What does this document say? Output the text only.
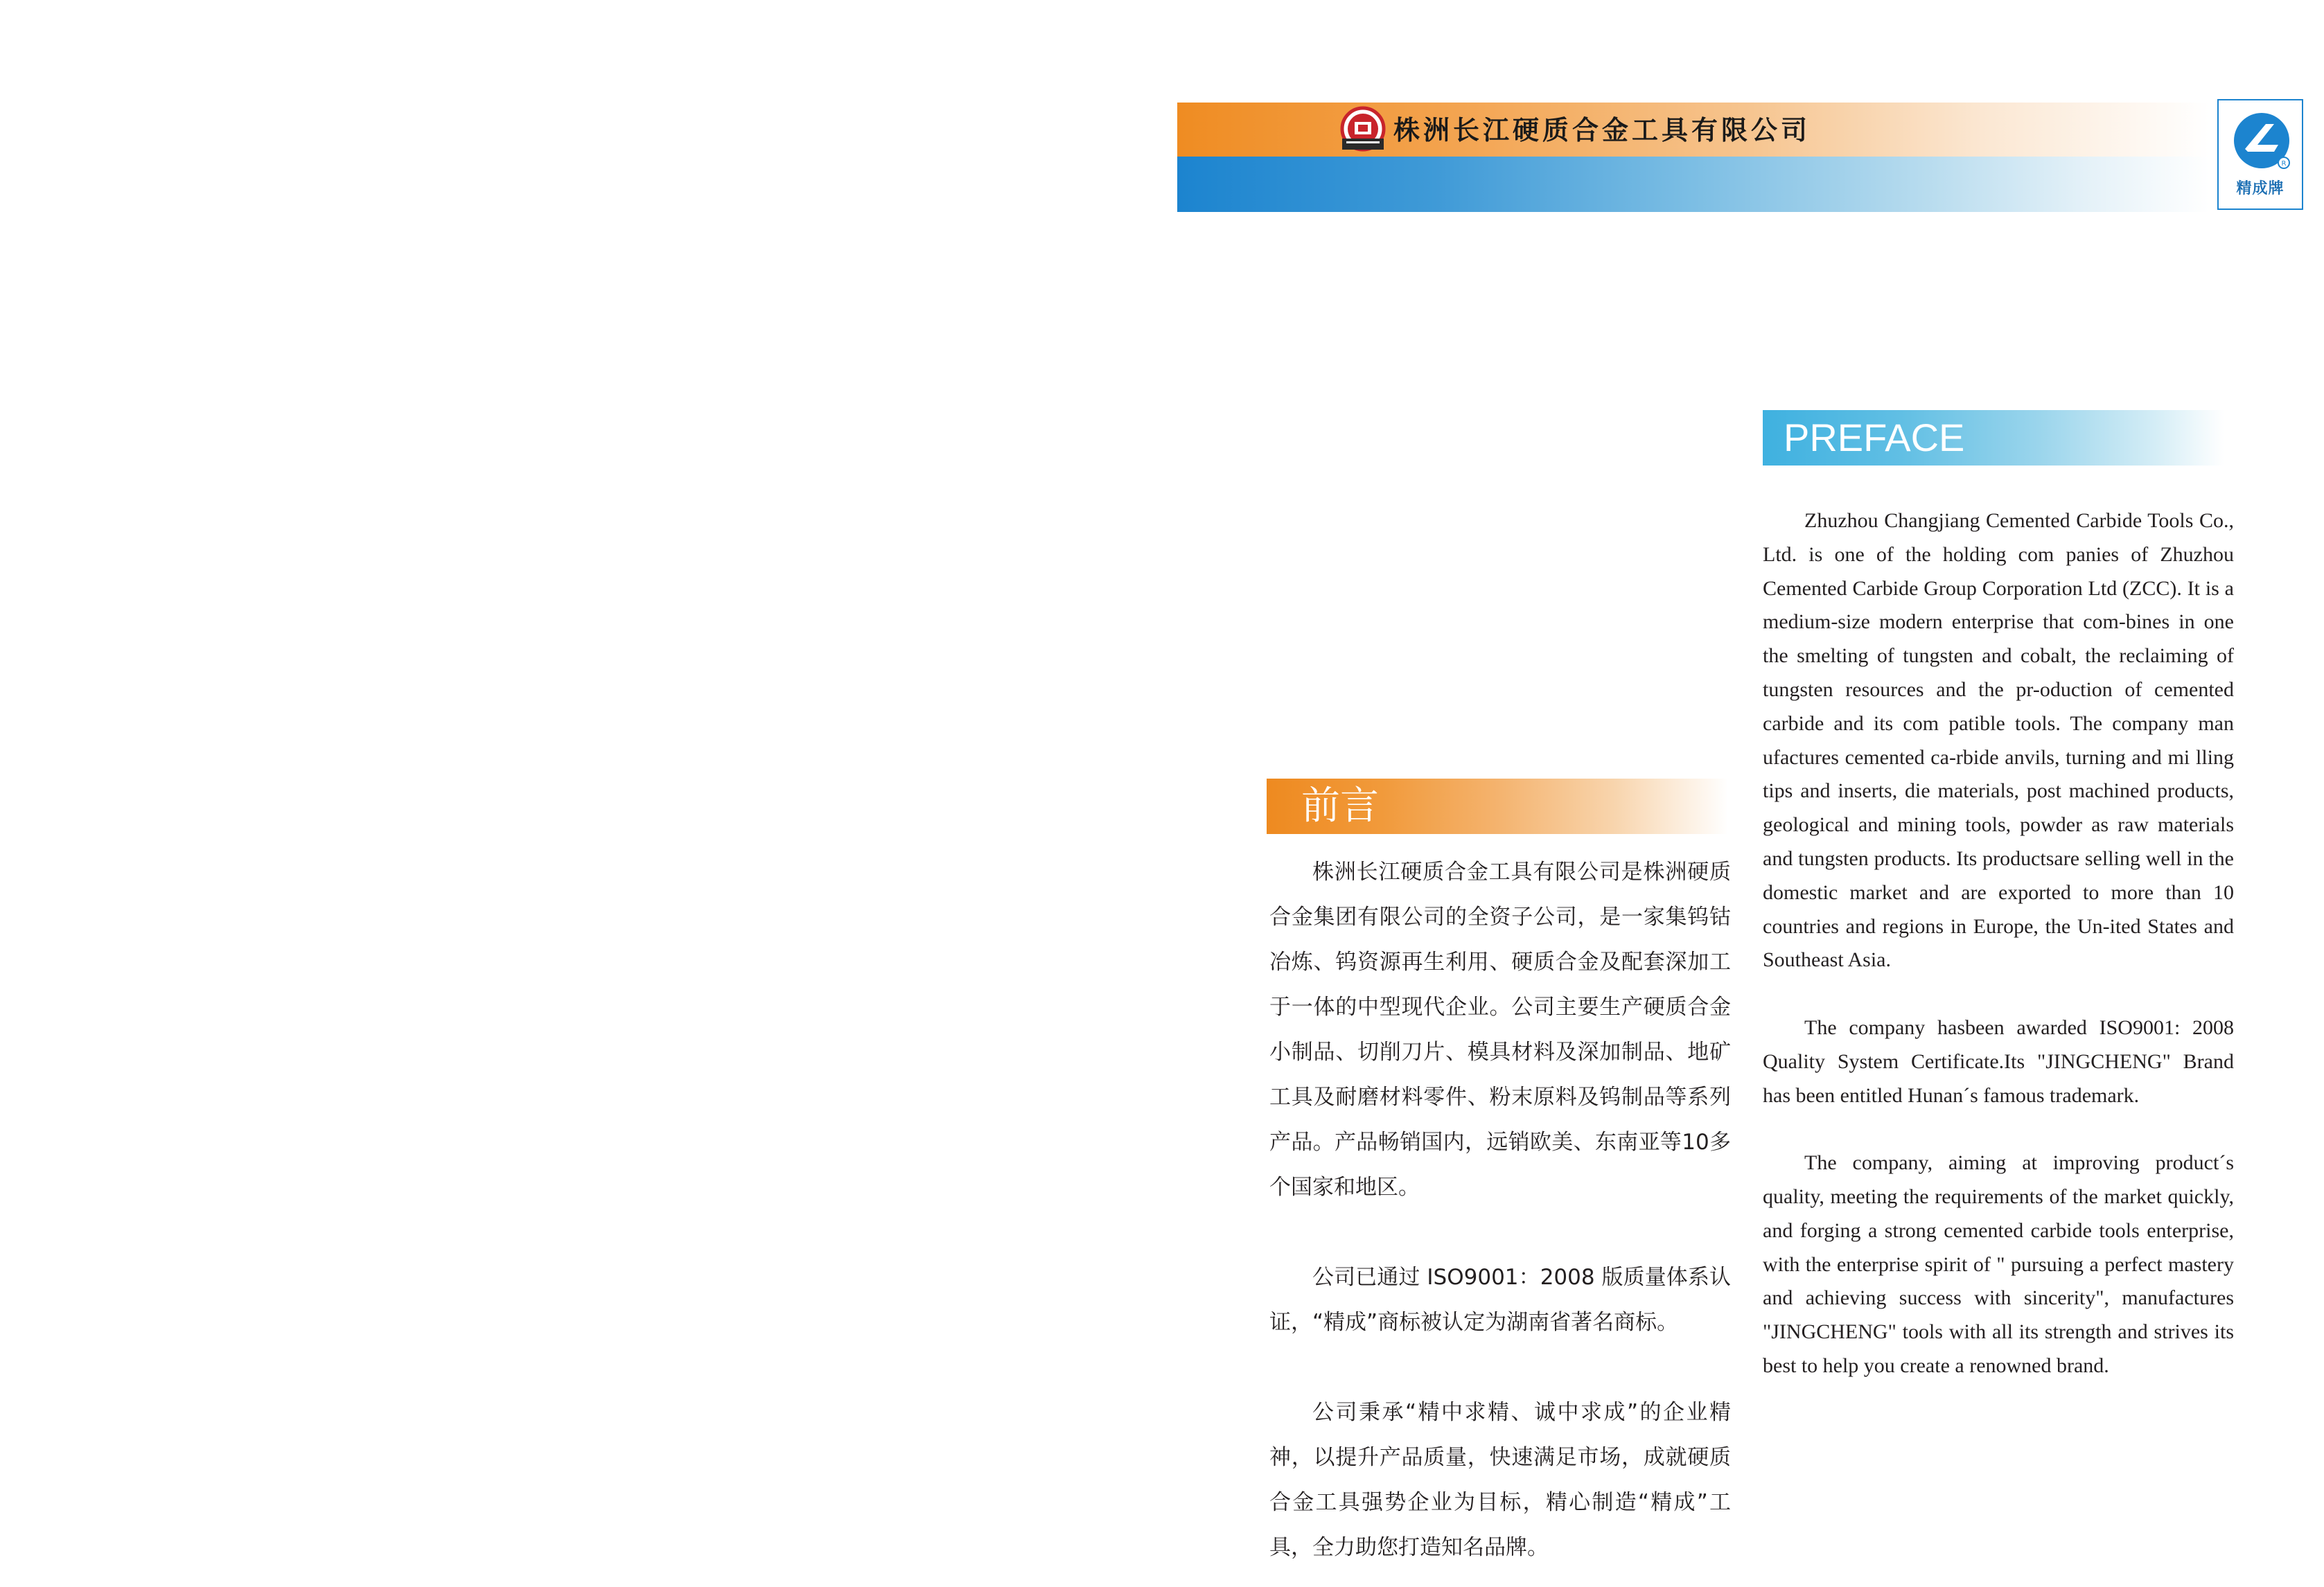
株洲长江硬质合金工具有限公司
R
精成牌
PREFACE

Zhuzhou Changjiang Cemented Carbide Tools Co., Ltd. is one of the holding com panies of Zhuzhou Cemented Carbide Group Corporation Ltd (ZCC). It is a medium-size modern enterprise that com-bines in one the smelting of tungsten and cobalt, the reclaiming of tungsten resources and the pr-oduction of cemented carbide and its com patible tools. The company man ufactures cemented ca-rbide anvils, turning and mi lling tips and inserts, die materials, post machined products, geological and mining tools, powder as raw materials and tungsten products. Its productsare selling well in the domestic market and are exported to more than 10 countries and regions in Europe, the Un-ited States and Southeast Asia.

The company hasbeen awarded ISO9001: 2008 Quality System Certificate.Its "JINGCHENG" Brand has been entitled Hunan´s famous trademark.

The company, aiming at improving product´s quality, meeting the requirements of the market quickly, and forging a strong cemented carbide tools enterprise, with the enterprise spirit of " pursuing a perfect mastery and achieving success with sincerity", manufactures "JINGCHENG" tools with all its strength and strives its best to help you create a renowned brand.

前言

株洲长江硬质合金工具有限公司是株洲硬质合金集团有限公司的全资子公司，是一家集钨钴冶炼、钨资源再生利用、硬质合金及配套深加工于一体的中型现代企业。公司主要生产硬质合金小制品、切削刀片、模具材料及深加制品、地矿工具及耐磨材料零件、粉末原料及钨制品等系列产品。产品畅销国内，远销欧美、东南亚等10多个国家和地区。

公司已通过 ISO9001：2008 版质量体系认证，“精成”商标被认定为湖南省著名商标。

公司秉承“精中求精、诚中求成”的企业精神，以提升产品质量，快速满足市场，成就硬质合金工具强势企业为目标，精心制造“精成”工具，全力助您打造知名品牌。
